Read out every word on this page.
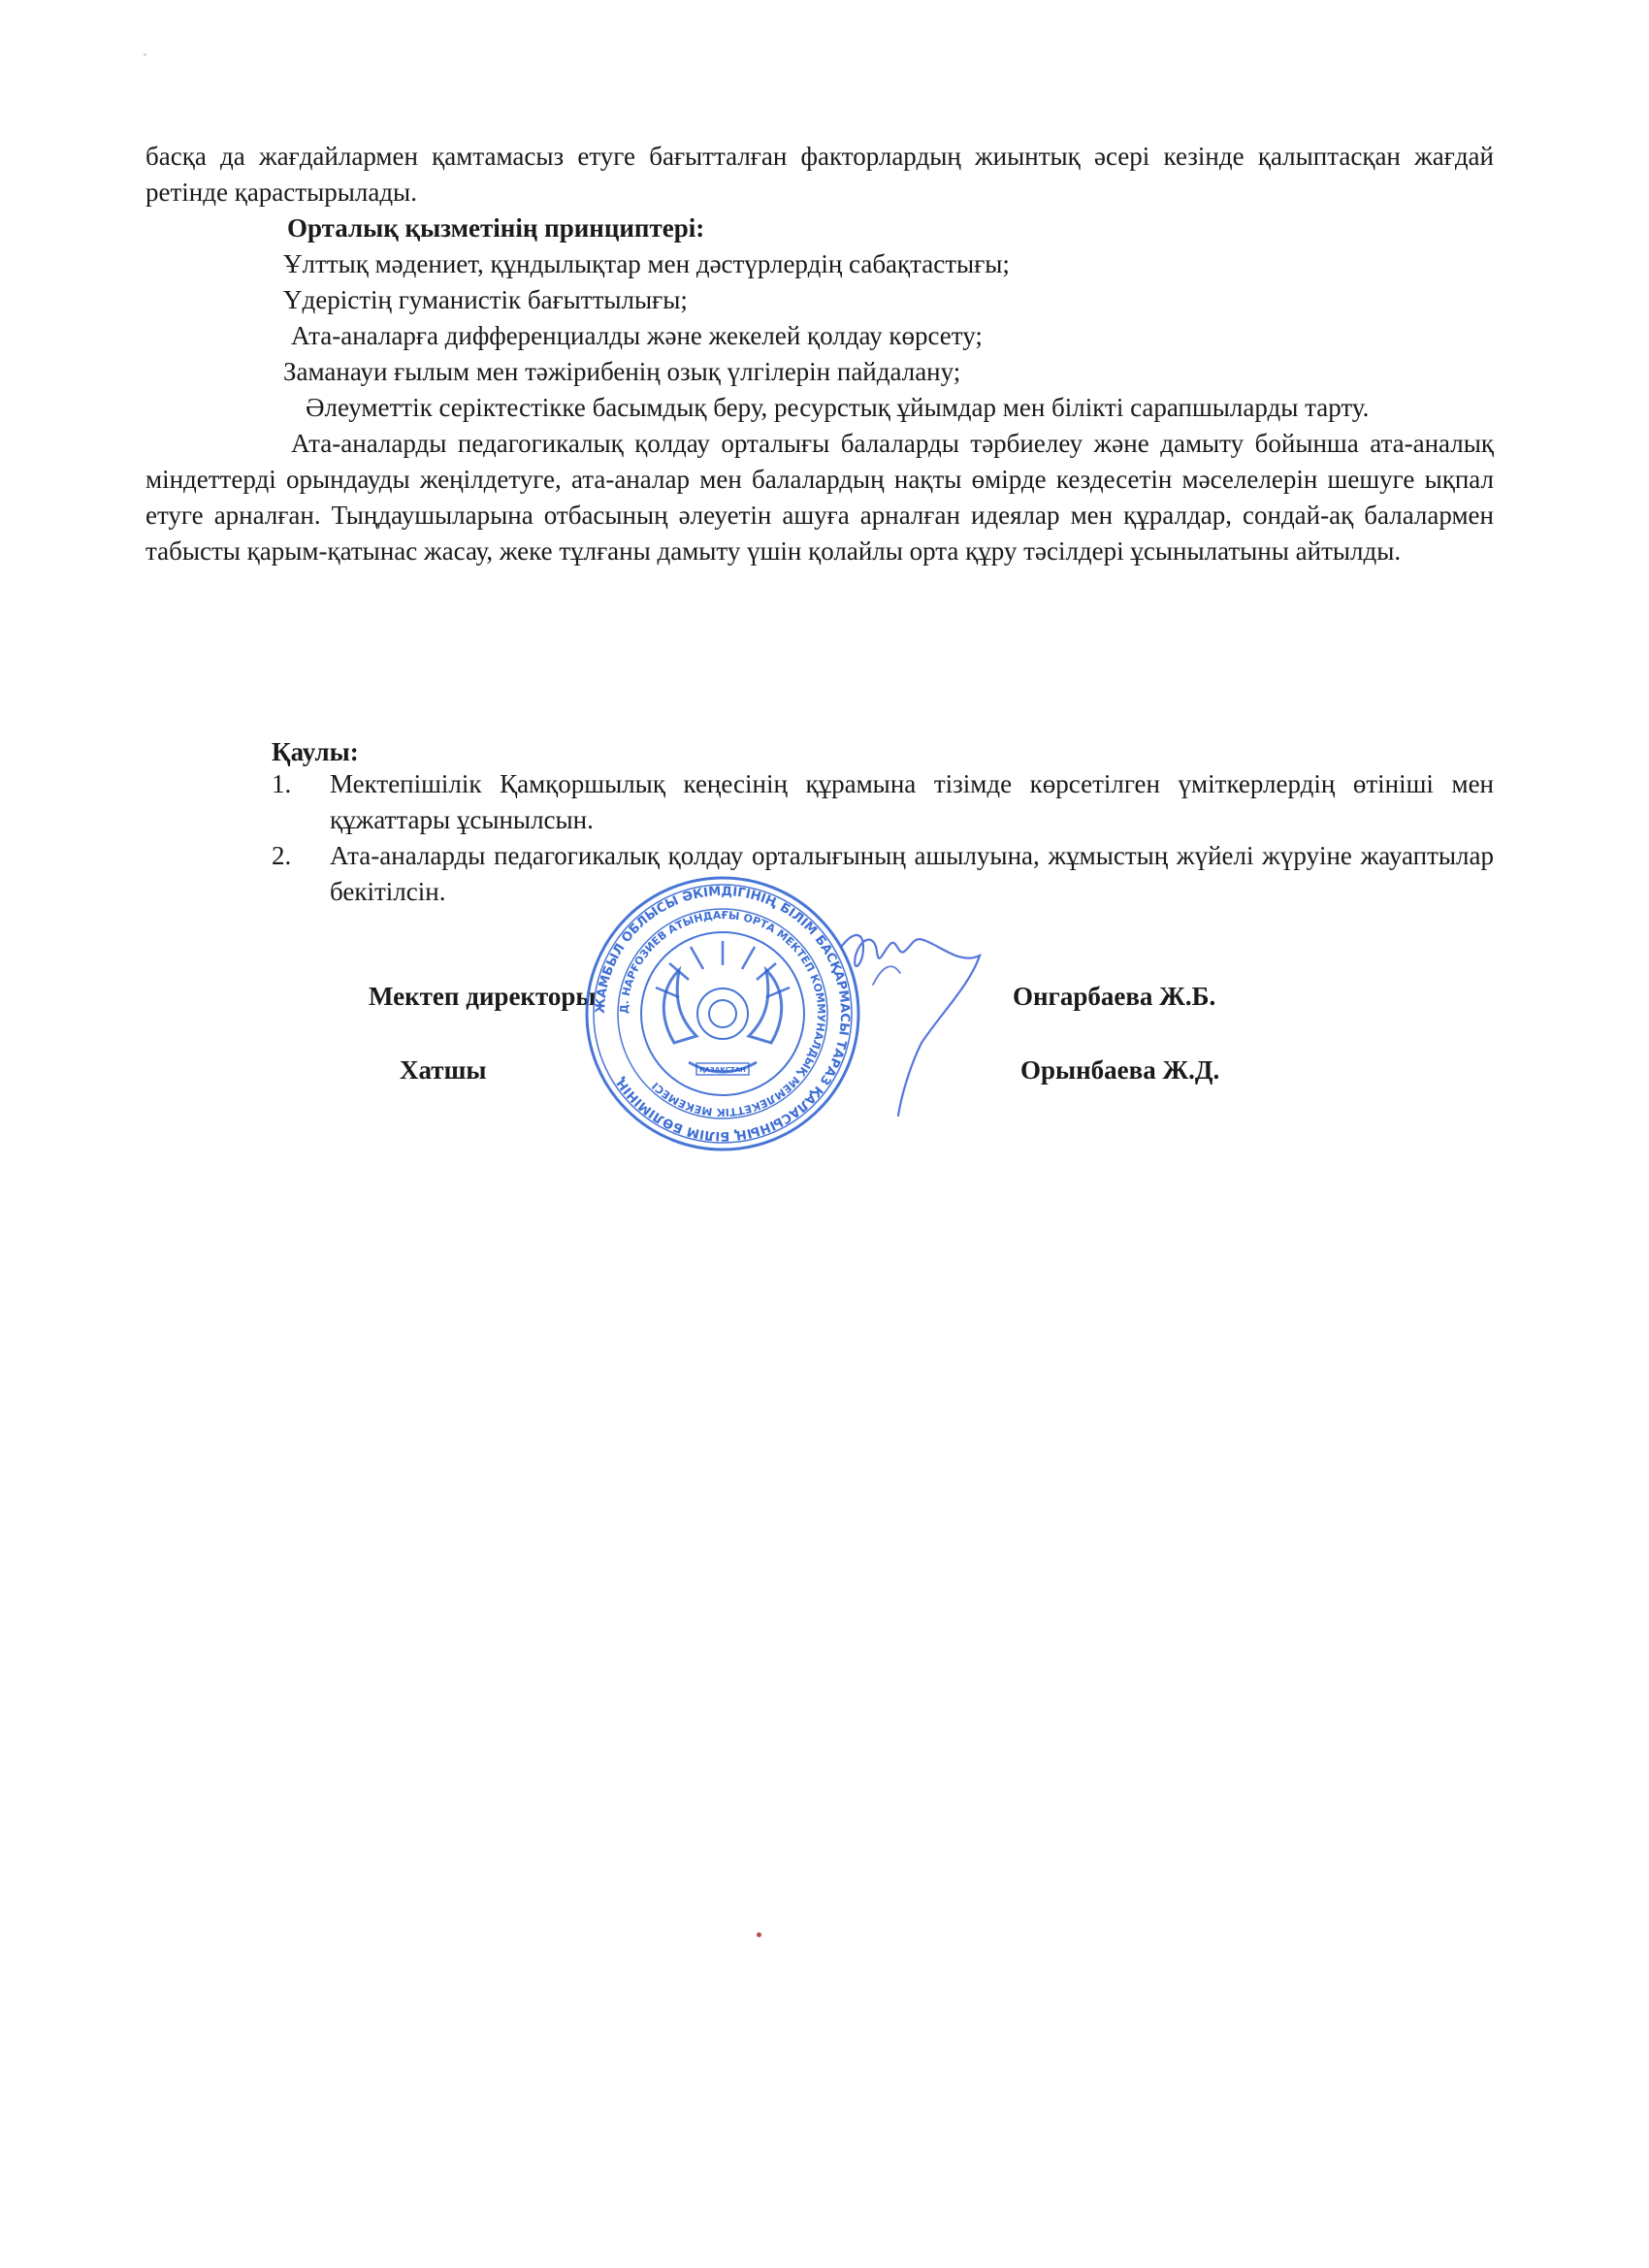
басқа да жағдайлармен қамтамасыз етуге бағытталған факторлардың жиынтық әсері кезінде қалыптасқан жағдай ретінде қарастырылады.

Орталық қызметінің принциптері:

Ұлттық мәдениет, құндылықтар мен дәстүрлердің сабақтастығы;

Үдерістің гуманистік бағыттылығы;

Ата-аналарға дифференциалды және жекелей қолдау көрсету;

Заманауи ғылым мен тәжірибенің озық үлгілерін пайдалану;

Әлеуметтік серіктестікке басымдық беру, ресурстық ұйымдар мен білікті сарапшыларды тарту.

Ата-аналарды педагогикалық қолдау орталығы балаларды тәрбиелеу және дамыту бойынша ата-аналық міндеттерді орындауды жеңілдетуге, ата-аналар мен балалардың нақты өмірде кездесетін мәселелерін шешуге ықпал етуге арналған. Тыңдаушыларына отбасының әлеуетін ашуға арналған идеялар мен құралдар, сондай-ақ балалармен табысты қарым-қатынас жасау, жеке тұлғаны дамыту үшін қолайлы орта құру тәсілдері ұсынылатыны айтылды.

Қаулы:
1. Мектепішілік Қамқоршылық кеңесінің құрамына тізімде көрсетілген үміткерлердің өтініші мен құжаттары ұсынылсын.
2. Ата-аналарды педагогикалық қолдау орталығының ашылуына, жұмыстың жүйелі жүруіне жауаптылар бекітілсін.
Мектеп директоры	Онгарбаева Ж.Б.
Хатшы	Орынбаева Ж.Д.
ҚАЗАҚСТАН
ЖАМБЫЛ ОБЛЫСЫ ӘКІМДІГІНІҢ БІЛІМ БАСҚАРМАСЫ ТАРАЗ ҚАЛАСЫНЫҢ БІЛІМ БӨЛІМІНІҢ
Д. НАРҒОЗИЕВ АТЫНДАҒЫ ОРТА МЕКТЕП КОММУНАЛДЫҚ МЕМЛЕКЕТТІК МЕКЕМЕСІ
